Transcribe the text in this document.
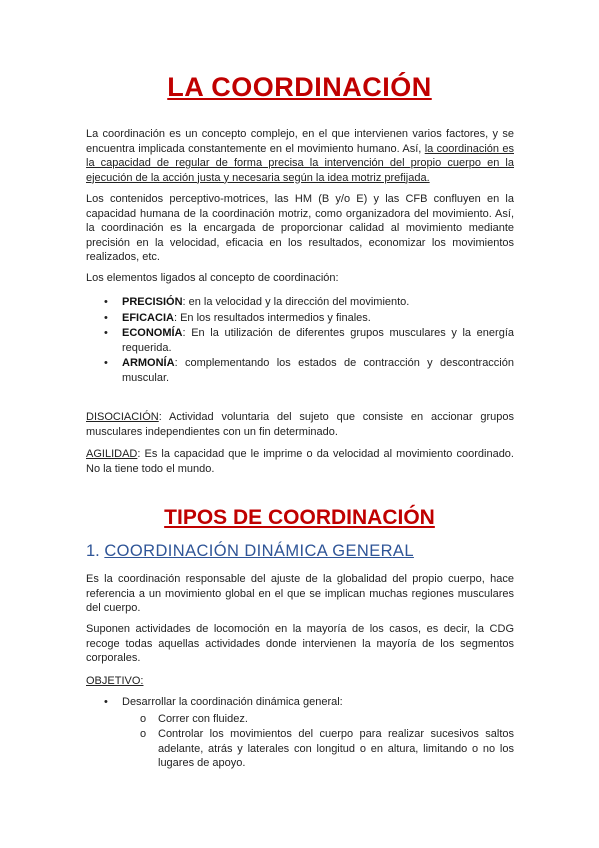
LA COORDINACIÓN

La coordinación es un concepto complejo, en el que intervienen varios factores, y se encuentra implicada constantemente en el movimiento humano. Así, la coordinación es la capacidad de regular de forma precisa la intervención del propio cuerpo en la ejecución de la acción justa y necesaria según la idea motriz prefijada.

Los contenidos perceptivo-motrices, las HM (B y/o E) y las CFB confluyen en la capacidad humana de la coordinación motriz, como organizadora del movimiento. Así, la coordinación es la encargada de proporcionar calidad al movimiento mediante precisión en la velocidad, eficacia en los resultados, economizar los movimientos realizados, etc.

Los elementos ligados al concepto de coordinación:

• PRECISIÓN: en la velocidad y la dirección del movimiento.
• EFICACIA: En los resultados intermedios y finales.
• ECONOMÍA: En la utilización de diferentes grupos musculares y la energía requerida.
• ARMONÍA: complementando los estados de contracción y descontracción muscular.

DISOCIACIÓN: Actividad voluntaria del sujeto que consiste en accionar grupos musculares independientes con un fin determinado.

AGILIDAD: Es la capacidad que le imprime o da velocidad al movimiento coordinado. No la tiene todo el mundo.

TIPOS DE COORDINACIÓN
1. COORDINACIÓN DINÁMICA GENERAL

Es la coordinación responsable del ajuste de la globalidad del propio cuerpo, hace referencia a un movimiento global en el que se implican muchas regiones musculares del cuerpo.

Suponen actividades de locomoción en la mayoría de los casos, es decir, la CDG recoge todas aquellas actividades donde intervienen la mayoría de los segmentos corporales.

OBJETIVO:

• Desarrollar la coordinación dinámica general:
o Correr con fluidez.
o Controlar los movimientos del cuerpo para realizar sucesivos saltos adelante, atrás y laterales con longitud o en altura, limitando o no los lugares de apoyo.
